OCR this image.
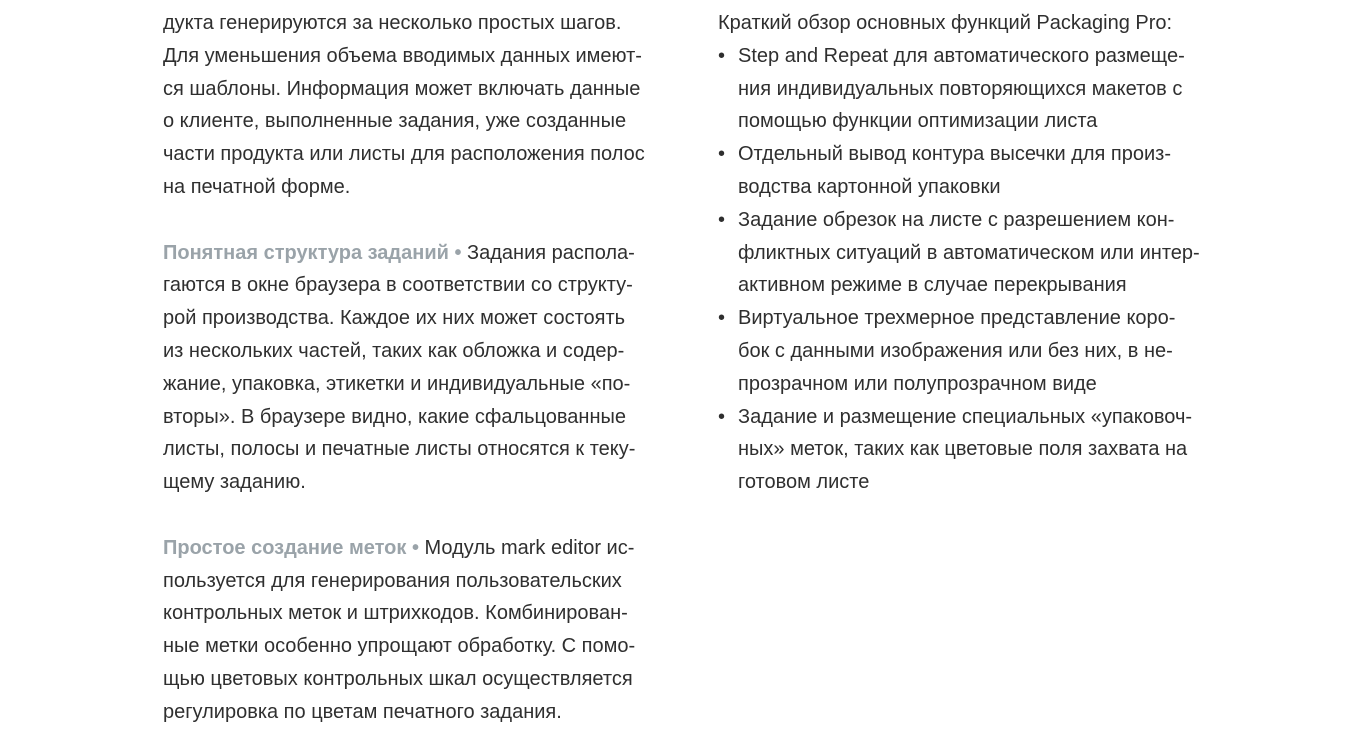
дукта генерируются за несколько простых шагов.
Для уменьшения объема вводимых данных имеют-
ся шаблоны. Информация может включать данные
о клиенте, выполненные задания, уже созданные
части продукта или листы для расположения полос
на печатной форме.
Понятная структура заданий • Задания распола-
гаются в окне браузера в соответствии со структу-
рой производства. Каждое их них может состоять
из нескольких частей, таких как обложка и содер-
жание, упаковка, этикетки и индивидуальные «по-
вторы». В браузере видно, какие сфальцованные
листы, полосы и печатные листы относятся к теку-
щему заданию.
Простое создание меток • Модуль mark editor ис-
пользуется для генерирования пользовательских
контрольных меток и штрихкодов. Комбинирован-
ные метки особенно упрощают обработку. С помо-
щью цветовых контрольных шкал осуществляется
регулировка по цветам печатного задания.
Краткий обзор основных функций Packaging Pro:
• Step and Repeat для автоматического размеще-
ния индивидуальных повторяющихся макетов с
помощью функции оптимизации листа
• Отдельный вывод контура высечки для произ-
водства картонной упаковки
• Задание обрезок на листе с разрешением кон-
фликтных ситуаций в автоматическом или интер-
активном режиме в случае перекрывания
• Виртуальное трехмерное представление коро-
бок с данными изображения или без них, в не-
прозрачном или полупрозрачном виде
• Задание и размещение специальных «упаковоч-
ных» меток, таких как цветовые поля захвата на
готовом листе
